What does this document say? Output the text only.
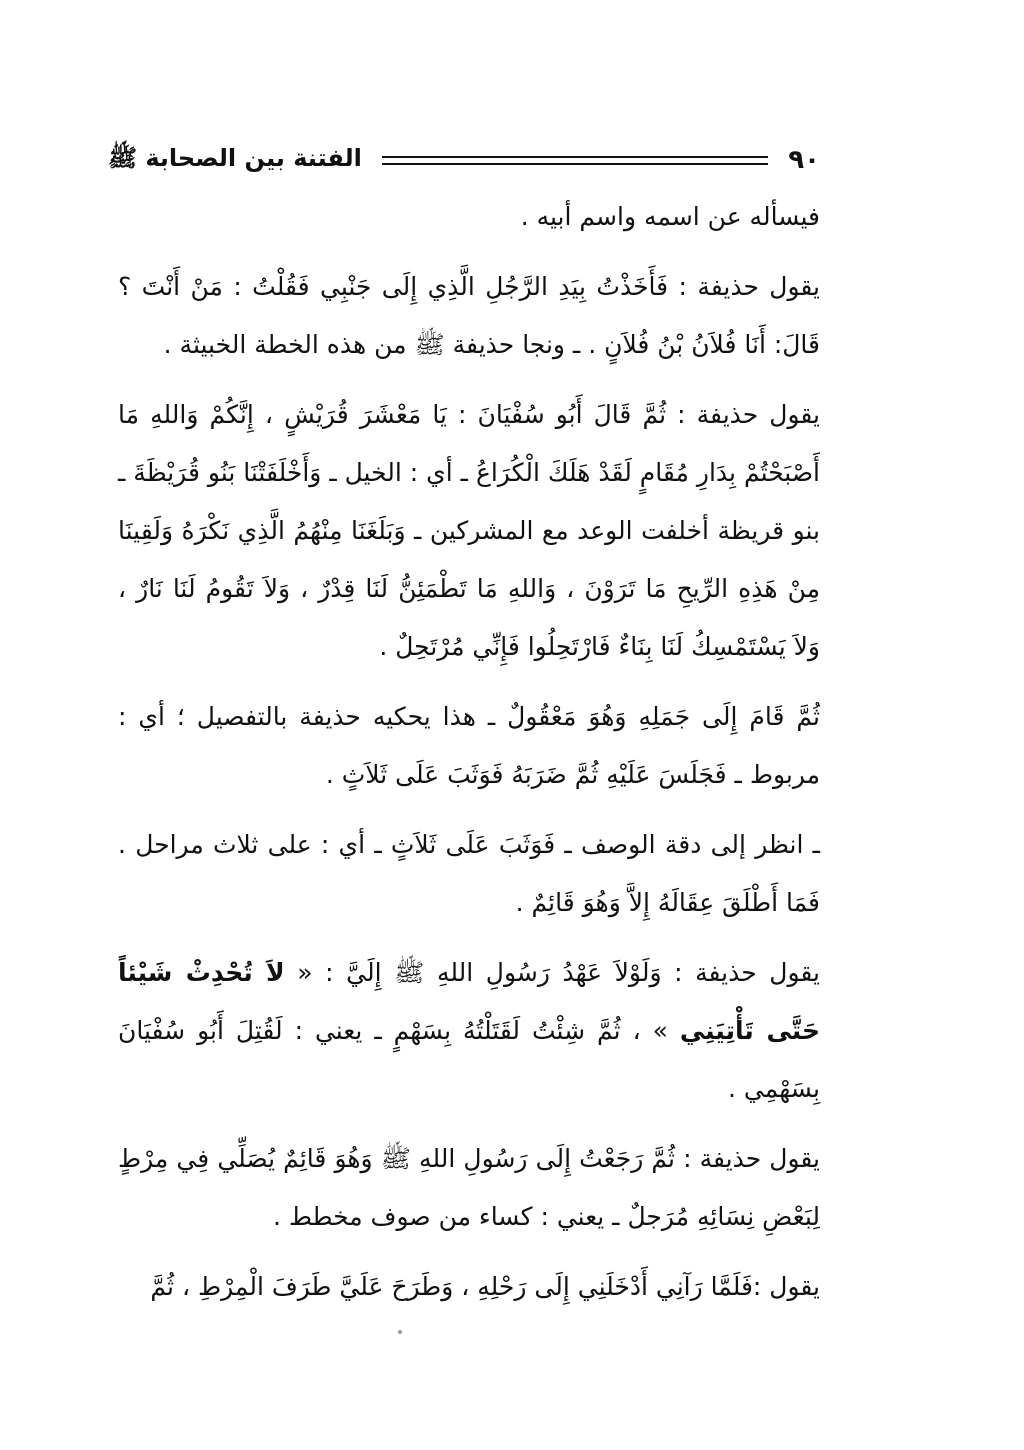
٩٠
الفتنة بين الصحابة ﷺ

فيسأله عن اسمه واسم أبيه .

يقول حذيفة : فَأَخَذْتُ بِيَدِ الرَّجُلِ الَّذِي إِلَى جَنْبِي فَقُلْتُ : مَنْ أَنْتَ ؟ قَالَ: أَنَا فُلاَنُ بْنُ فُلاَنٍ . ـ ونجا حذيفة ﷺ من هذه الخطة الخبيثة .

يقول حذيفة : ثُمَّ قَالَ أَبُو سُفْيَانَ : يَا مَعْشَرَ قُرَيْشٍ ، إِنَّكُمْ وَاللهِ مَا أَصْبَحْتُمْ بِدَارِ مُقَامٍ لَقَدْ هَلَكَ الْكُرَاعُ ـ أي : الخيل ـ وَأَخْلَفَتْنَا بَنُو قُرَيْظَةَ ـ بنو قريظة أخلفت الوعد مع المشركين ـ وَبَلَغَنَا مِنْهُمُ الَّذِي نَكْرَهُ وَلَقِينَا مِنْ هَذِهِ الرِّيحِ مَا تَرَوْنَ ، وَاللهِ مَا تَطْمَئِنُّ لَنَا قِدْرٌ ، وَلاَ تَقُومُ لَنَا نَارٌ ، وَلاَ يَسْتَمْسِكُ لَنَا بِنَاءٌ فَارْتَحِلُوا فَإِنِّي مُرْتَحِلٌ .

ثُمَّ قَامَ إِلَى جَمَلِهِ وَهُوَ مَعْقُولٌ ـ هذا يحكيه حذيفة بالتفصيل ؛ أي : مربوط ـ فَجَلَسَ عَلَيْهِ ثُمَّ ضَرَبَهُ فَوَثَبَ عَلَى ثَلاَثٍ .

ـ انظر إلى دقة الوصف ـ فَوَثَبَ عَلَى ثَلاَثٍ ـ أي : على ثلاث مراحل . فَمَا أَطْلَقَ عِقَالَهُ إِلاَّ وَهُوَ قَائِمٌ .

يقول حذيفة : وَلَوْلاَ عَهْدُ رَسُولِ اللهِ ﷺ إِلَيَّ : « لاَ تُحْدِثْ شَيْئاً حَتَّى تَأْتِيَنِي » ، ثُمَّ شِئْتُ لَقَتَلْتُهُ بِسَهْمٍ ـ يعني : لَقُتِلَ أَبُو سُفْيَانَ بِسَهْمِي .

يقول حذيفة : ثُمَّ رَجَعْتُ إِلَى رَسُولِ اللهِ ﷺ وَهُوَ قَائِمٌ يُصَلِّي فِي مِرْطٍ لِبَعْضِ نِسَائِهِ مُرَجلٌ ـ يعني : كساء من صوف مخطط .

يقول :فَلَمَّا رَآنِي أَدْخَلَنِي إِلَى رَحْلِهِ ، وَطَرَحَ عَلَيَّ طَرَفَ الْمِرْطِ ، ثُمَّ
